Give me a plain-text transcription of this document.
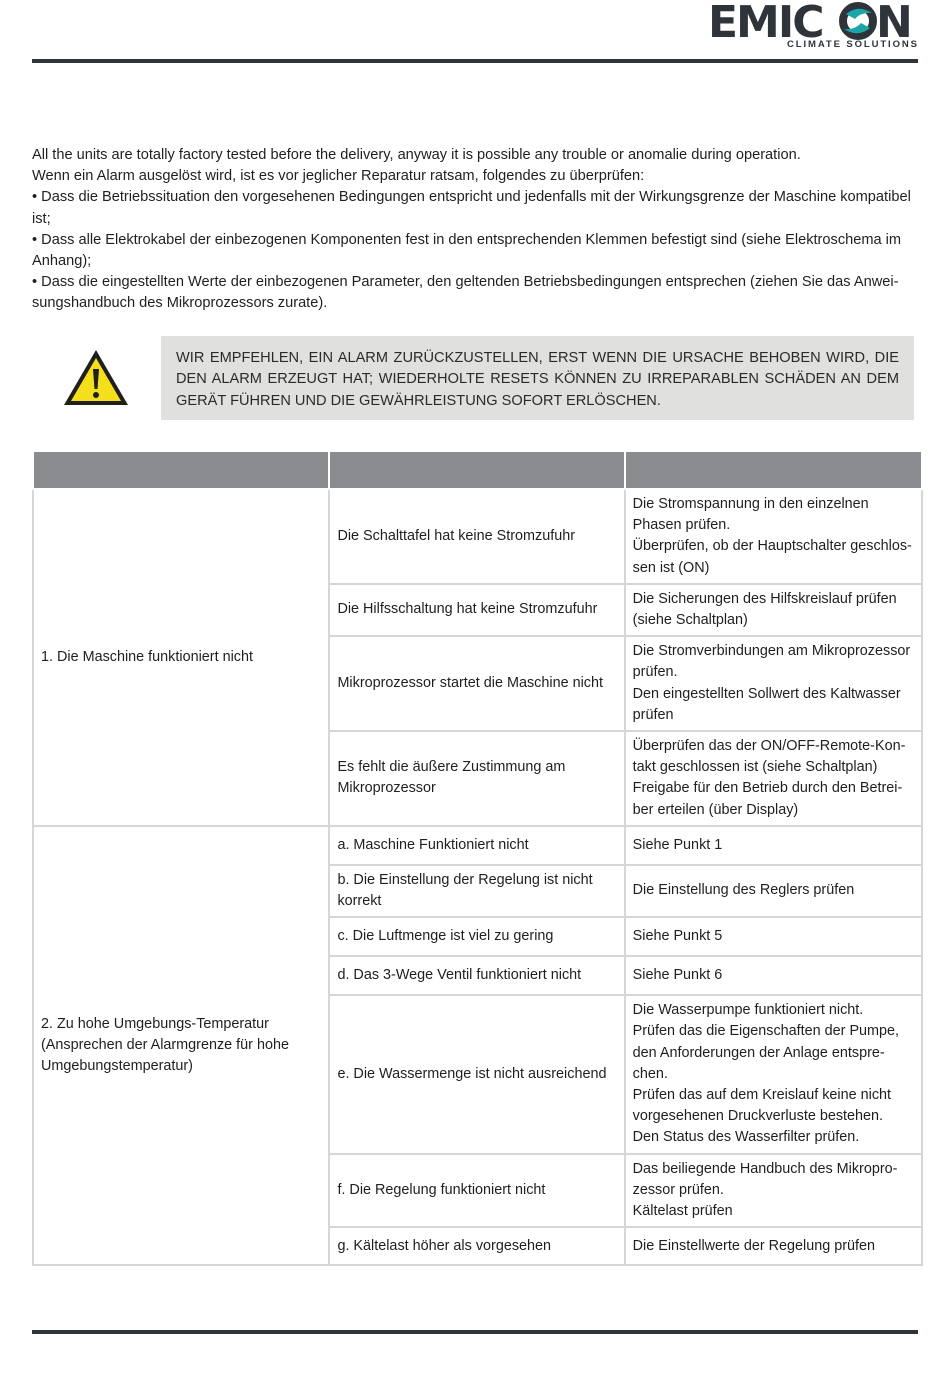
EMIC N
CLIMATE SOLUTIONS

All the units are totally factory tested before the delivery, anyway it is possible any trouble or anomalie during operation.

Wenn ein Alarm ausgelöst wird, ist es vor jeglicher Reparatur ratsam, folgendes zu überprüfen:

• Dass die Betriebssituation den vorgesehenen Bedingungen entspricht und jedenfalls mit der Wirkungsgrenze der Maschine kompatibel ist;

• Dass alle Elektrokabel der einbezogenen Komponenten fest in den entsprechenden Klemmen befestigt sind (siehe Elektroschema im Anhang);

• Dass die eingestellten Werte der einbezogenen Parameter, den geltenden Betriebsbedingungen entsprechen (ziehen Sie das Anwei-sungshandbuch des Mikroprozessors zurate).

WIR EMPFEHLEN, EIN ALARM ZURÜCKZUSTELLEN, ERST WENN DIE URSACHE BEHOBEN WIRD, DIE DEN ALARM ERZEUGT HAT; WIEDERHOLTE RESETS KÖNNEN ZU IRREPARABLEN SCHÄDEN AN DEM GERÄT FÜHREN UND DIE GEWÄHRLEISTUNG SOFORT ERLÖSCHEN.

1. Die Maschine funktioniert nicht	Die Schalttafel hat keine Stromzufuhr	Die Stromspannung in den einzelnen Phasen prüfen.
Überprüfen, ob der Hauptschalter geschlos-sen ist (ON)
	Die Hilfsschaltung hat keine Stromzufuhr	Die Sicherungen des Hilfskreislauf prüfen (siehe Schaltplan)
	Mikroprozessor startet die Maschine nicht	Die Stromverbindungen am Mikroprozessor prüfen.
Den eingestellten Sollwert des Kaltwasser prüfen
	Es fehlt die äußere Zustimmung am Mikroprozessor	Überprüfen das der ON/OFF-Remote-Kon-takt geschlossen ist (siehe Schaltplan)
Freigabe für den Betrieb durch den Betrei-ber erteilen (über Display)
2. Zu hohe Umgebungs-Temperatur (Ansprechen der Alarmgrenze für hohe Umgebungstemperatur)	a. Maschine Funktioniert nicht	Siehe Punkt 1
	b. Die Einstellung der Regelung ist nicht korrekt	Die Einstellung des Reglers prüfen
	c. Die Luftmenge ist viel zu gering	Siehe Punkt 5
	d. Das 3-Wege Ventil funktioniert nicht	Siehe Punkt 6
	e. Die Wassermenge ist nicht ausreichend	Die Wasserpumpe funktioniert nicht.
Prüfen das die Eigenschaften der Pumpe, den Anforderungen der Anlage entspre-chen.
Prüfen das auf dem Kreislauf keine nicht vorgesehenen Druckverluste bestehen.
Den Status des Wasserfilter prüfen.
	f. Die Regelung funktioniert nicht	Das beiliegende Handbuch des Mikropro-zessor prüfen.
Kältelast prüfen
	g. Kältelast höher als vorgesehen	Die Einstellwerte der Regelung prüfen
